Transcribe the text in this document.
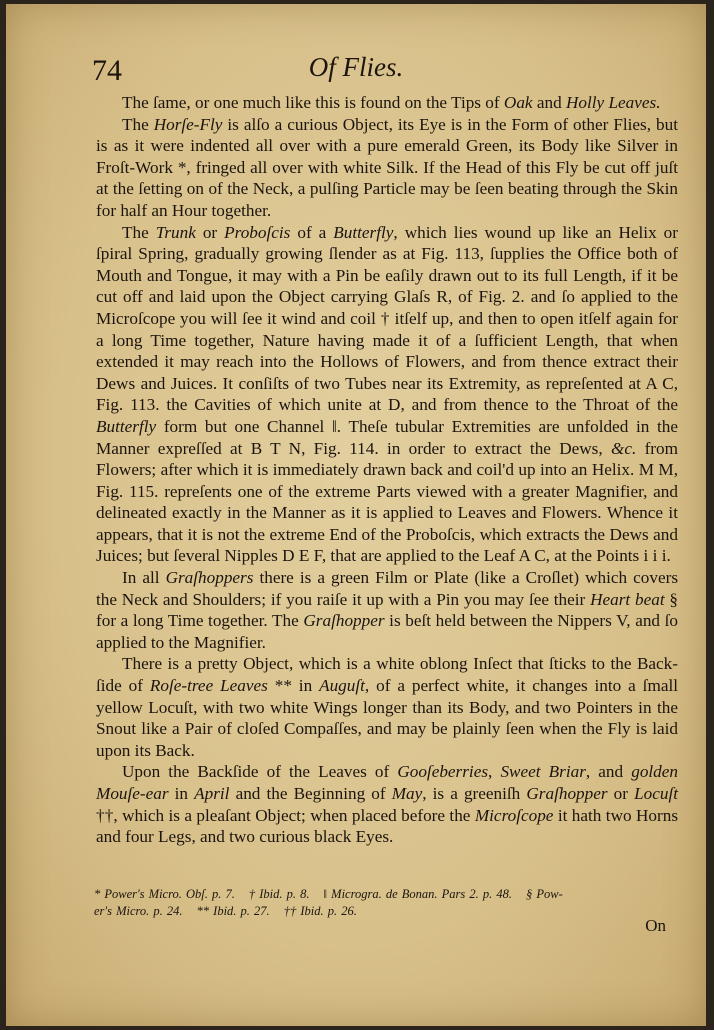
74	Of Flies.

The ſame, or one much like this is found on the Tips of Oak and Holly Leaves.

The Horſe-Fly is alſo a curious Object, its Eye is in the Form of other Flies, but is as it were indented all over with a pure emerald Green, its Body like Silver in Froſt-Work *, fringed all over with white Silk. If the Head of this Fly be cut off juſt at the ſetting on of the Neck, a pulſing Particle may be ſeen beating through the Skin for half an Hour together.

The Trunk or Proboſcis of a Butterfly, which lies wound up like an Helix or ſpiral Spring, gradually growing ſlender as at Fig. 113, ſupplies the Office both of Mouth and Tongue, it may with a Pin be eaſily drawn out to its full Length, if it be cut off and laid upon the Object carrying Glaſs R, of Fig. 2. and ſo applied to the Microſcope you will ſee it wind and coil † itſelf up, and then to open itſelf again for a long Time together, Nature having made it of a ſufficient Length, that when extended it may reach into the Hollows of Flowers, and from thence extract their Dews and Juices. It conſiſts of two Tubes near its Extremity, as repreſented at A C, Fig. 113. the Cavities of which unite at D, and from thence to the Throat of the Butterfly form but one Channel ‖. Theſe tubular Extremities are unfolded in the Manner expreſſed at B T N, Fig. 114. in order to extract the Dews, &c. from Flowers; after which it is immediately drawn back and coil'd up into an Helix. M M, Fig. 115. repreſents one of the extreme Parts viewed with a greater Magnifier, and delineated exactly in the Manner as it is applied to Leaves and Flowers. Whence it appears, that it is not the extreme End of the Proboſcis, which extracts the Dews and Juices; but ſeveral Nipples D E F, that are applied to the Leaf A C, at the Points i i i.

In all Graſhoppers there is a green Film or Plate (like a Croſlet) which covers the Neck and Shoulders; if you raiſe it up with a Pin you may ſee their Heart beat § for a long Time together. The Graſhopper is beſt held between the Nippers V, and ſo applied to the Magnifier.

There is a pretty Object, which is a white oblong Inſect that ſticks to the Back-ſide of Roſe-tree Leaves ** in Auguſt, of a perfect white, it changes into a ſmall yellow Locuſt, with two white Wings longer than its Body, and two Pointers in the Snout like a Pair of cloſed Compaſſes, and may be plainly ſeen when the Fly is laid upon its Back.

Upon the Backſide of the Leaves of Gooſeberries, Sweet Briar, and golden Mouſe-ear in April and the Beginning of May, is a greeniſh Graſhopper or Locuſt ††, which is a pleaſant Object; when placed before the Microſcope it hath two Horns and four Legs, and two curious black Eyes.

* Power's Micro. Obſ. p. 7. † Ibid. p. 8. ‖ Microgra. de Bonan. Pars 2. p. 48. § Pow-
er's Micro. p. 24. ** Ibid. p. 27. †† Ibid. p. 26.
On
